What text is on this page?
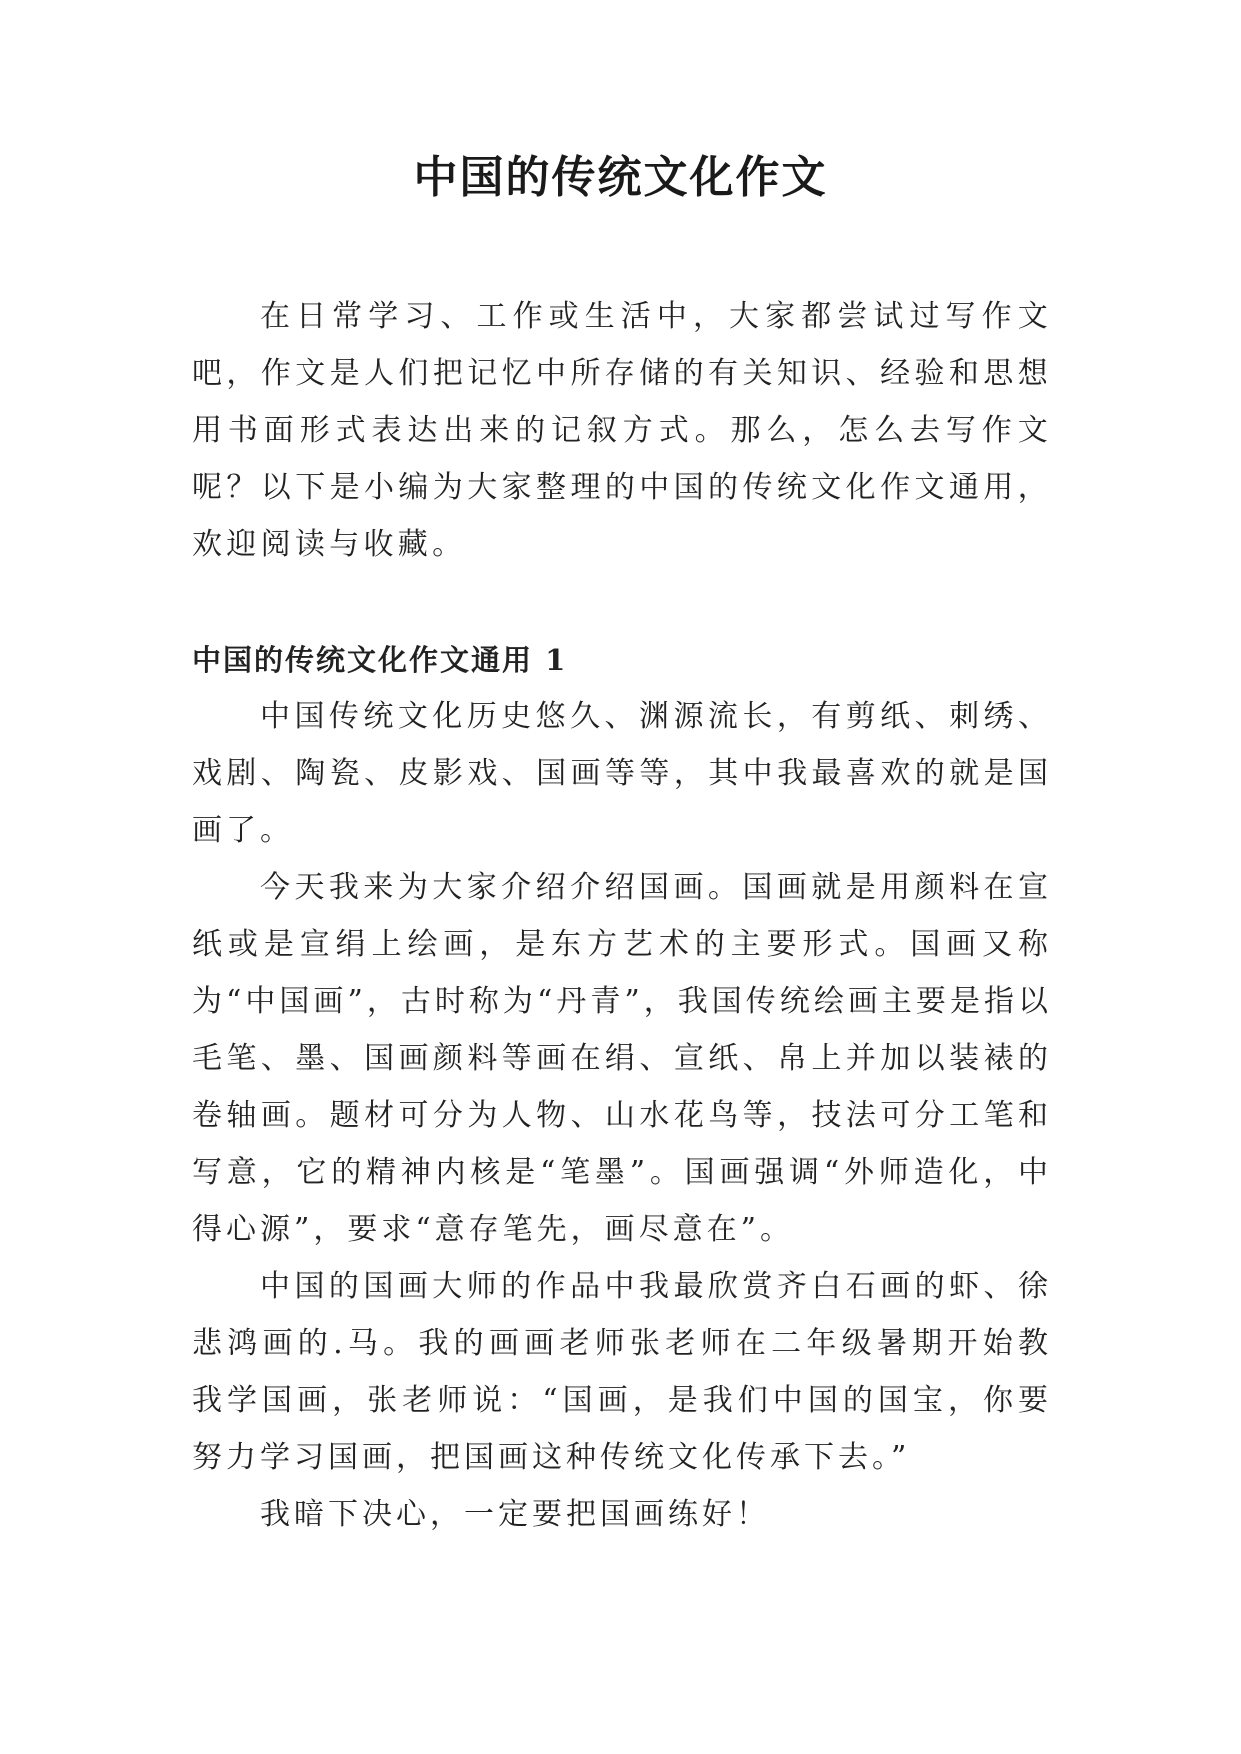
中国的传统文化作文

在日常学习、工作或生活中，大家都尝试过写作文吧，作文是人们把记忆中所存储的有关知识、经验和思想用书面形式表达出来的记叙方式。那么，怎么去写作文呢？以下是小编为大家整理的中国的传统文化作文通用，欢迎阅读与收藏。

中国的传统文化作文通用 1

中国传统文化历史悠久、渊源流长，有剪纸、刺绣、戏剧、陶瓷、皮影戏、国画等等，其中我最喜欢的就是国画了。

今天我来为大家介绍介绍国画。国画就是用颜料在宣纸或是宣绢上绘画，是东方艺术的主要形式。国画又称为“中国画”，古时称为“丹青”，我国传统绘画主要是指以毛笔、墨、国画颜料等画在绢、宣纸、帛上并加以装裱的卷轴画。题材可分为人物、山水花鸟等，技法可分工笔和写意，它的精神内核是“笔墨”。国画强调“外师造化，中得心源”，要求“意存笔先，画尽意在”。

中国的国画大师的作品中我最欣赏齐白石画的虾、徐悲鸿画的.马。我的画画老师张老师在二年级暑期开始教我学国画，张老师说：“国画，是我们中国的国宝，你要努力学习国画，把国画这种传统文化传承下去。”

我暗下决心，一定要把国画练好！
